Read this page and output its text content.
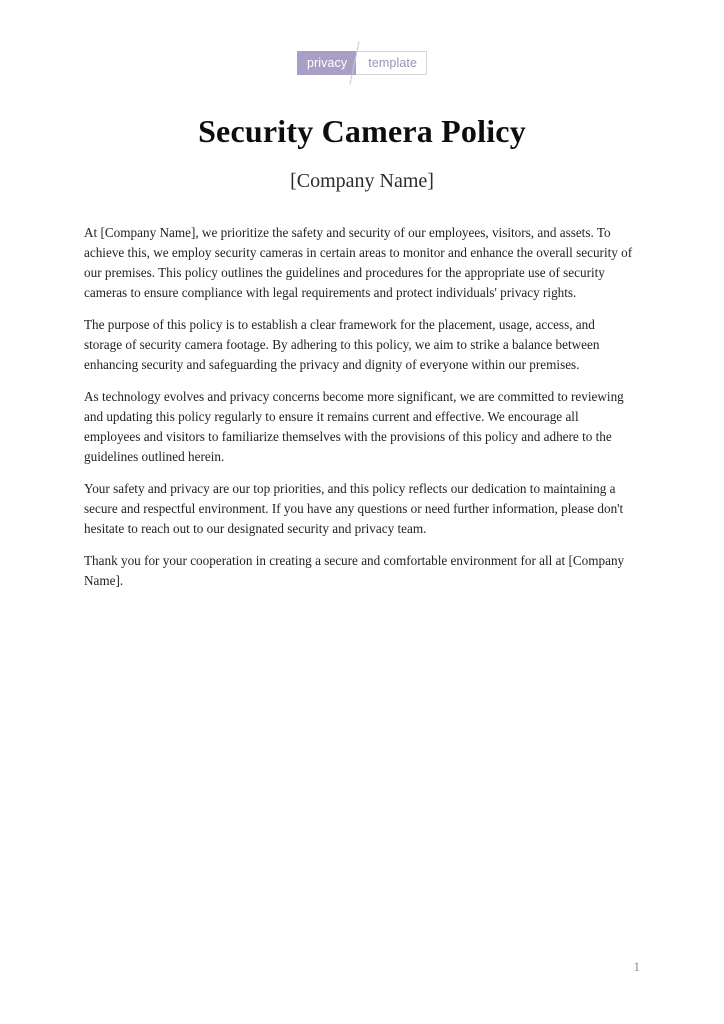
privacy	template
Security Camera Policy
[Company Name]

At [Company Name], we prioritize the safety and security of our employees, visitors, and assets. To achieve this, we employ security cameras in certain areas to monitor and enhance the overall security of our premises. This policy outlines the guidelines and procedures for the appropriate use of security cameras to ensure compliance with legal requirements and protect individuals' privacy rights.

The purpose of this policy is to establish a clear framework for the placement, usage, access, and storage of security camera footage. By adhering to this policy, we aim to strike a balance between enhancing security and safeguarding the privacy and dignity of everyone within our premises.

As technology evolves and privacy concerns become more significant, we are committed to reviewing and updating this policy regularly to ensure it remains current and effective. We encourage all employees and visitors to familiarize themselves with the provisions of this policy and adhere to the guidelines outlined herein.

Your safety and privacy are our top priorities, and this policy reflects our dedication to maintaining a secure and respectful environment. If you have any questions or need further information, please don't hesitate to reach out to our designated security and privacy team.

Thank you for your cooperation in creating a secure and comfortable environment for all at [Company Name].

1
